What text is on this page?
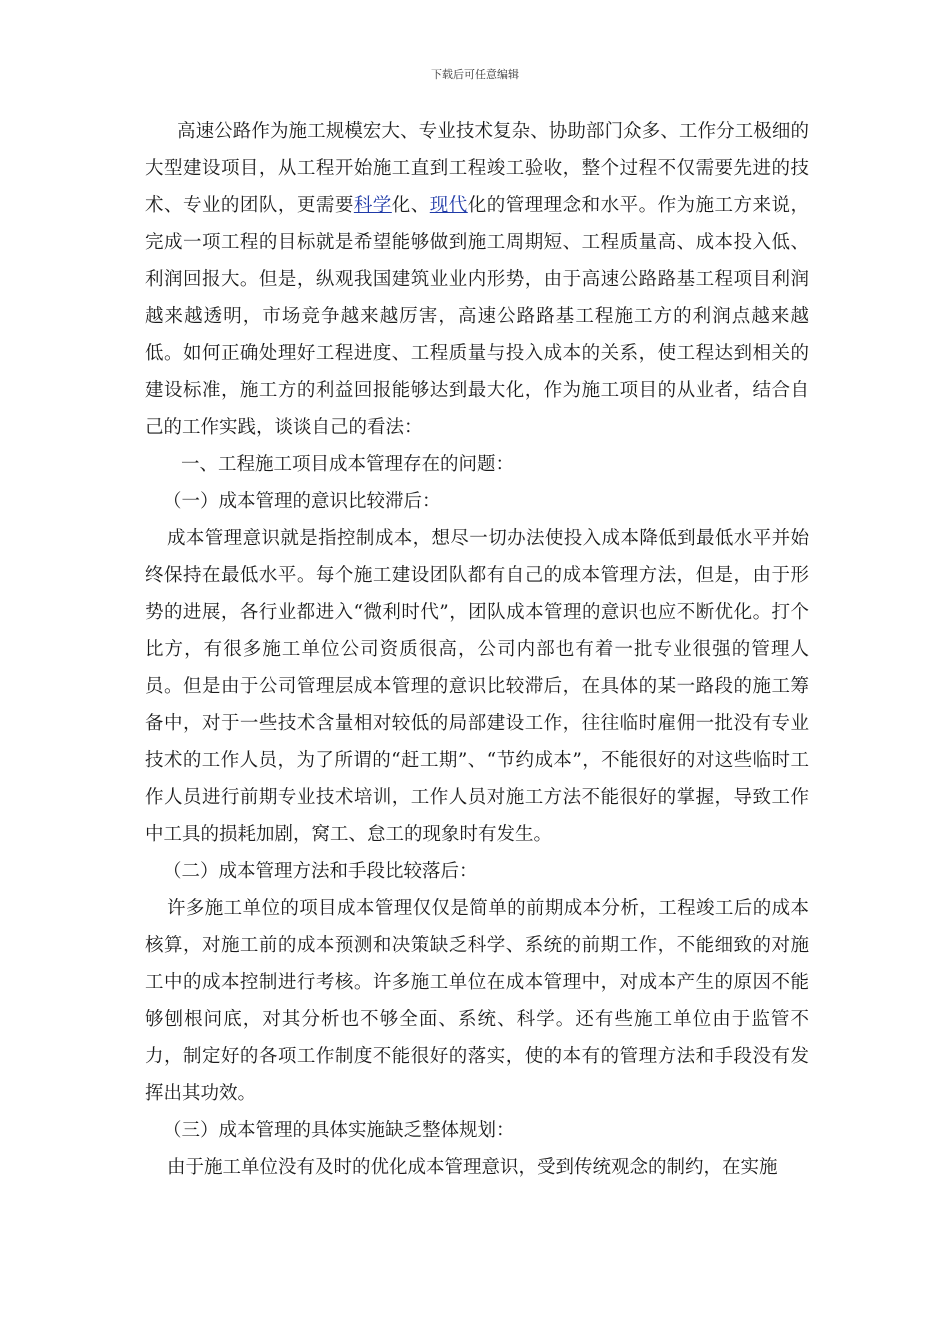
下载后可任意编辑

高速公路作为施工规模宏大、专业技术复杂、协助部门众多、工作分工极细的大型建设项目，从工程开始施工直到工程竣工验收，整个过程不仅需要先进的技术、专业的团队，更需要科学化、现代化的管理理念和水平。作为施工方来说，完成一项工程的目标就是希望能够做到施工周期短、工程质量高、成本投入低、利润回报大。但是，纵观我国建筑业业内形势，由于高速公路路基工程项目利润越来越透明，市场竞争越来越厉害，高速公路路基工程施工方的利润点越来越低。如何正确处理好工程进度、工程质量与投入成本的关系，使工程达到相关的建设标准，施工方的利益回报能够达到最大化，作为施工项目的从业者，结合自己的工作实践，谈谈自己的看法：

一、工程施工项目成本管理存在的问题：

（一）成本管理的意识比较滞后：

成本管理意识就是指控制成本，想尽一切办法使投入成本降低到最低水平并始终保持在最低水平。每个施工建设团队都有自己的成本管理方法，但是，由于形势的进展，各行业都进入“微利时代”，团队成本管理的意识也应不断优化。打个比方，有很多施工单位公司资质很高，公司内部也有着一批专业很强的管理人员。但是由于公司管理层成本管理的意识比较滞后，在具体的某一路段的施工筹备中，对于一些技术含量相对较低的局部建设工作，往往临时雇佣一批没有专业技术的工作人员，为了所谓的“赶工期”、“节约成本”，不能很好的对这些临时工作人员进行前期专业技术培训，工作人员对施工方法不能很好的掌握，导致工作中工具的损耗加剧，窝工、怠工的现象时有发生。

（二）成本管理方法和手段比较落后：

许多施工单位的项目成本管理仅仅是简单的前期成本分析，工程竣工后的成本核算，对施工前的成本预测和决策缺乏科学、系统的前期工作，不能细致的对施工中的成本控制进行考核。许多施工单位在成本管理中，对成本产生的原因不能够刨根问底，对其分析也不够全面、系统、科学。还有些施工单位由于监管不力，制定好的各项工作制度不能很好的落实，使的本有的管理方法和手段没有发挥出其功效。

（三）成本管理的具体实施缺乏整体规划：

由于施工单位没有及时的优化成本管理意识，受到传统观念的制约，在实施
